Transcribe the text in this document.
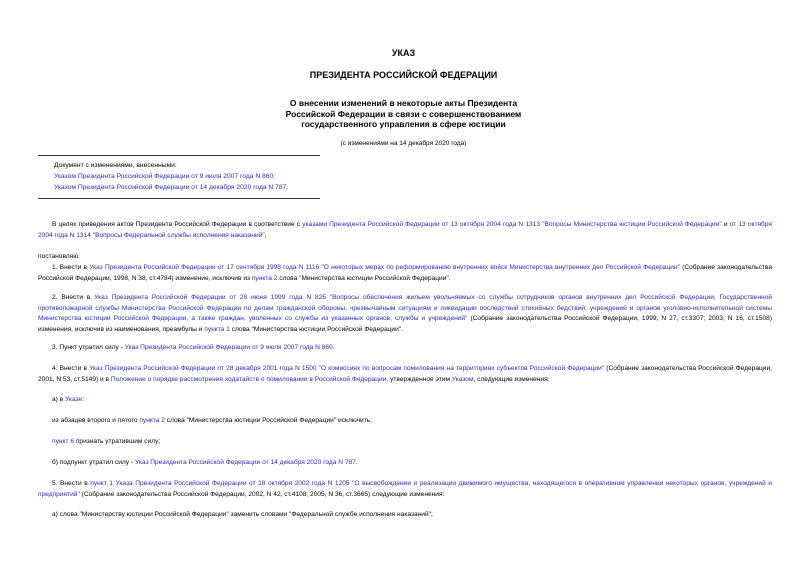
УКАЗ
ПРЕЗИДЕНТА РОССИЙСКОЙ ФЕДЕРАЦИИ
О внесении изменений в некоторые акты Президента
Российской Федерации в связи с совершенствованием
государственного управления в сфере юстиции
(с изменениями на 14 декабря 2020 года)
Документ с изменениями, внесенными:
Указом Президента Российской Федерации от 9 июля 2007 года N 860;
Указом Президента Российской Федерации от 14 декабря 2020 года N 787.
В целях приведения актов Президента Российской Федерации в соответствие с указами Президента Российской Федерации от 13 октября 2004 года N 1313 "Вопросы Министерства юстиции Российской Федерации" и от 13 октября 2004 года N 1314 "Вопросы Федеральной службы исполнения наказаний",
постановляю:
1. Внести в Указ Президента Российской Федерации от 17 сентября 1998 года N 1116 "О некоторых мерах по реформированию внутренних войск Министерства внутренних дел Российской Федерации" (Собрание законодательства Российской Федерации, 1998, N 38, ст.4784) изменение, исключив из пункта 2 слова "Министерства юстиции Российской Федерации".
2. Внести в Указ Президента Российской Федерации от 28 июня 1999 года N 825 "Вопросы обеспечения жильем увольняемых со службы сотрудников органов внутренних дел Российской Федерации, Государственной противопожарной службы Министерства Российской Федерации по делам гражданской обороны, чрезвычайным ситуациям и ликвидации последствий стихийных бедствий, учреждений и органов уголовно-исполнительной системы Министерства юстиции Российской Федерации, а также граждан, уволенных со службы из указанных органов, службы и учреждений" (Собрание законодательства Российской Федерации, 1999, N 27, ст.3307; 2003, N 16, ст.1508) изменения, исключив из наименования, преамбулы и пункта 1 слова "Министерства юстиции Российской Федерации".
3. Пункт утратил силу - Указ Президента Российской Федерации от 9 июля 2007 года N 860.
4. Внести в Указ Президента Российской Федерации от 28 декабря 2001 года N 1500 "О комиссиях по вопросам помилования на территориях субъектов Российской Федерации" (Собрание законодательства Российской Федерации, 2001, N 53, ст.5149) и в Положение о порядке рассмотрения ходатайств о помиловании в Российской Федерации, утвержденное этим Указом, следующие изменения:
а) в Указе:
из абзацев второго и пятого пункта 2 слова "Министерства юстиции Российской Федерации" исключить;
пункт 6 признать утратившим силу;
б) подпункт утратил силу - Указ Президента Российской Федерации от 14 декабря 2020 года N 787.
5. Внести в пункт 1 Указа Президента Российской Федерации от 18 октября 2002 года N 1205 "О высвобождении и реализации движимого имущества, находящегося в оперативном управлении некоторых органов, учреждений и предприятий" (Собрание законодательства Российской Федерации, 2002, N 42, ст.4108; 2005, N 36, ст.3665) следующие изменения:
а) слова "Министерству юстиции Российской Федерации" заменить словами "Федеральной службе исполнения наказаний";
